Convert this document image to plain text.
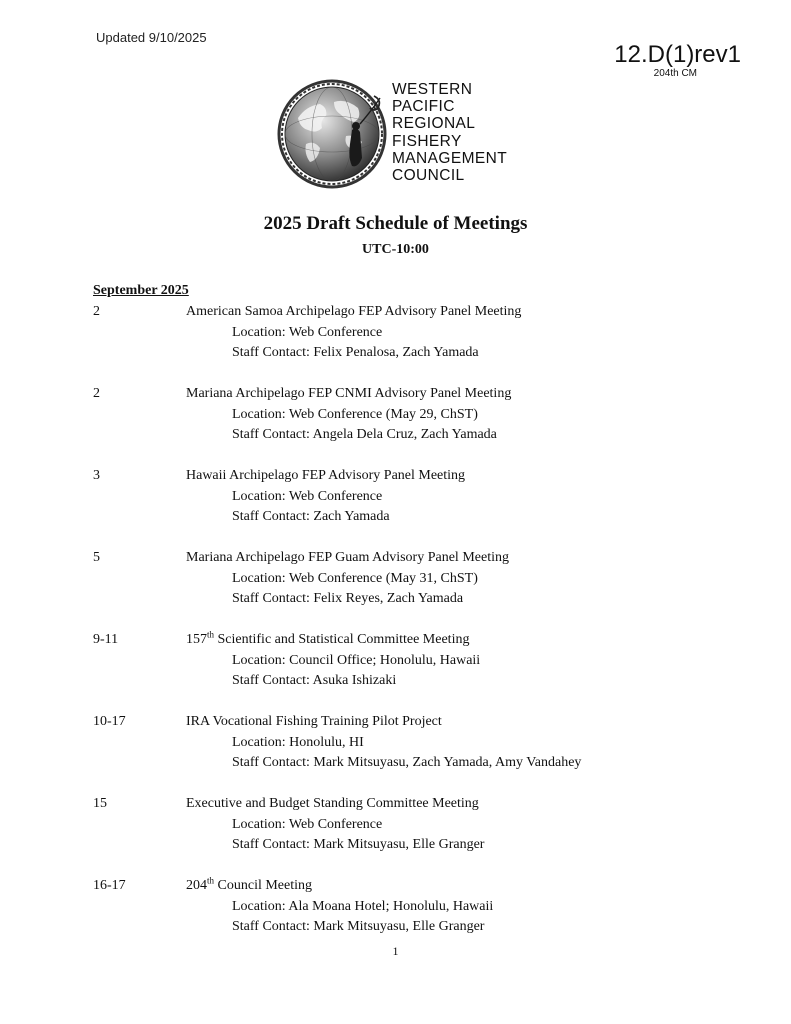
Updated 9/10/2025
12.D(1)rev1
204th CM
WESTERN
PACIFIC
REGIONAL
FISHERY
MANAGEMENT
COUNCIL
2025 Draft Schedule of Meetings
UTC-10:00
September 2025
2	American Samoa Archipelago FEP Advisory Panel Meeting
Location: Web Conference
Staff Contact: Felix Penalosa, Zach Yamada
2	Mariana Archipelago FEP CNMI Advisory Panel Meeting
Location: Web Conference (May 29, ChST)
Staff Contact: Angela Dela Cruz, Zach Yamada
3	Hawaii Archipelago FEP Advisory Panel Meeting
Location: Web Conference
Staff Contact: Zach Yamada
5	Mariana Archipelago FEP Guam Advisory Panel Meeting
Location: Web Conference (May 31, ChST)
Staff Contact: Felix Reyes, Zach Yamada
9-11	157th Scientific and Statistical Committee Meeting
Location: Council Office; Honolulu, Hawaii
Staff Contact: Asuka Ishizaki
10-17	IRA Vocational Fishing Training Pilot Project
Location: Honolulu, HI
Staff Contact: Mark Mitsuyasu, Zach Yamada, Amy Vandahey
15	Executive and Budget Standing Committee Meeting
Location: Web Conference
Staff Contact: Mark Mitsuyasu, Elle Granger
16-17	204th Council Meeting
Location: Ala Moana Hotel; Honolulu, Hawaii
Staff Contact: Mark Mitsuyasu, Elle Granger
1
